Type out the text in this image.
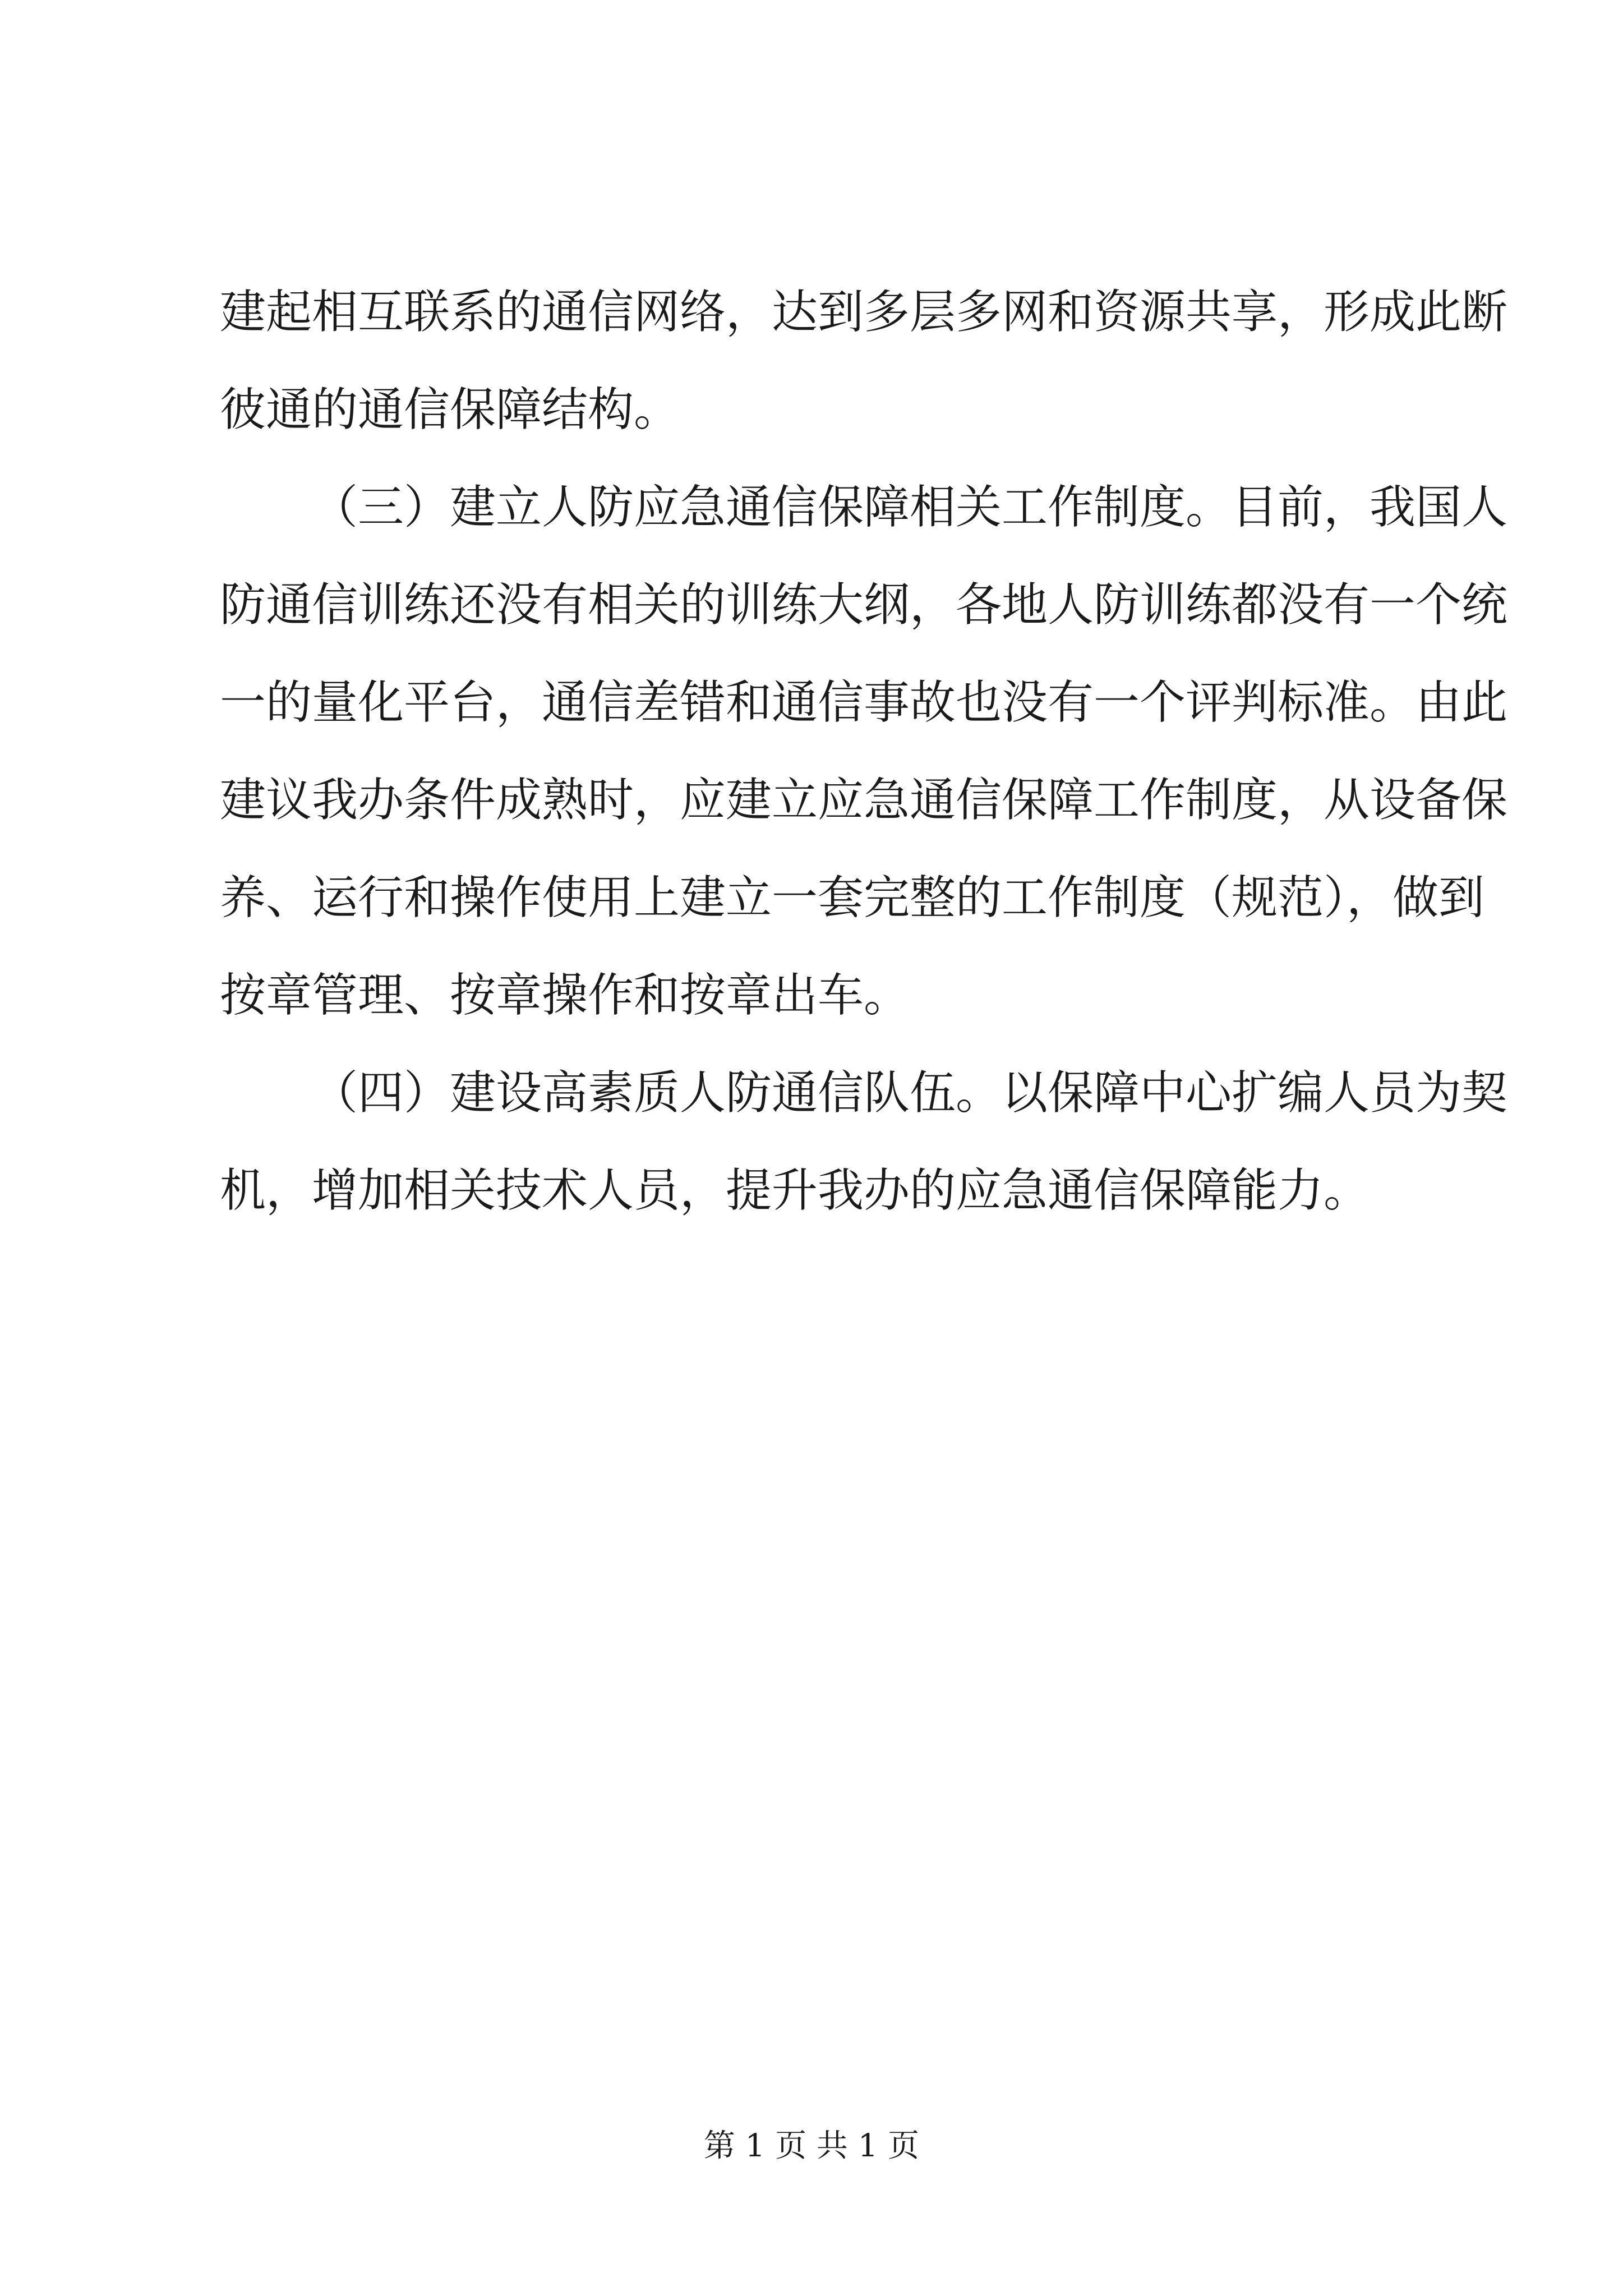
建起相互联系的通信网络，达到多层多网和资源共享，形成此断
彼通的通信保障结构。
（三）建立人防应急通信保障相关工作制度。目前，我国人
防通信训练还没有相关的训练大纲，各地人防训练都没有一个统
一的量化平台，通信差错和通信事故也没有一个评判标准。由此
建议我办条件成熟时，应建立应急通信保障工作制度，从设备保
养、运行和操作使用上建立一套完整的工作制度（规范），做到
按章管理、按章操作和按章出车。
（四）建设高素质人防通信队伍。以保障中心扩编人员为契
机，增加相关技术人员，提升我办的应急通信保障能力。
第 1 页 共 1 页
